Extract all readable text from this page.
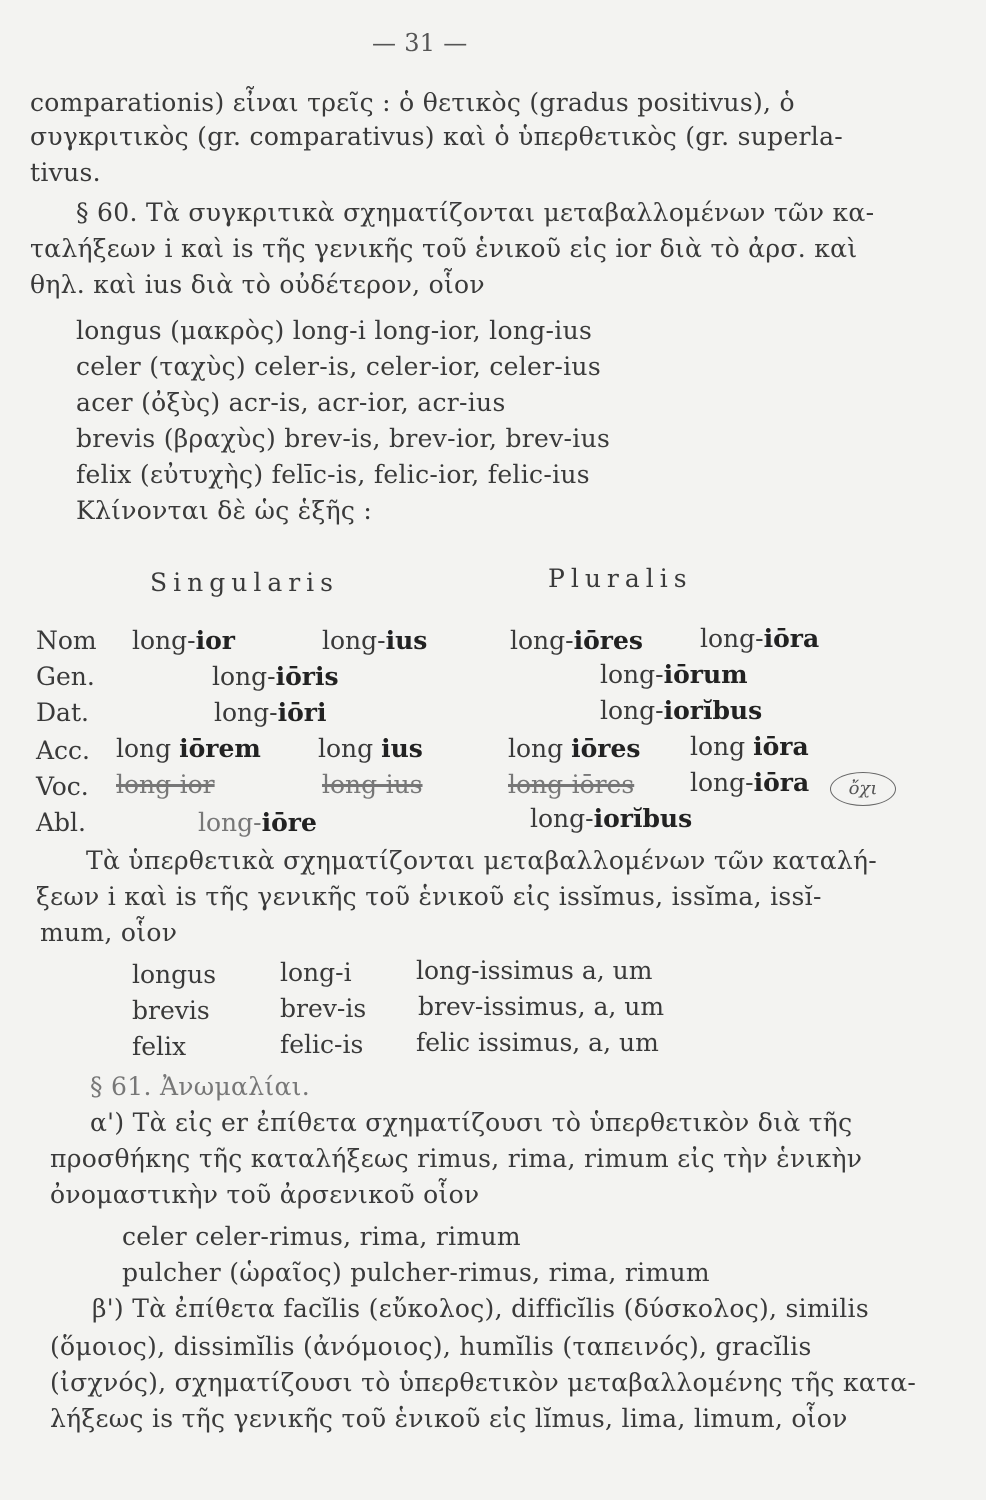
— 31 —
comparationis) εἶναι τρεῖς : ὁ θετικὸς (gradus positivus), ὁ
συγκριτικὸς (gr. comparativus) καὶ ὁ ὑπερθετικὸς (gr. superla-
tivus.
§ 60. Τὰ συγκριτικὰ σχηματίζονται μεταβαλλομένων τῶν κα-
ταλήξεων i καὶ is τῆς γενικῆς τοῦ ἑνικοῦ εἰς ior διὰ τὸ ἀρσ. καὶ
θηλ. καὶ ius διὰ τὸ οὐδέτερον, οἷον
longus (μακρὸς) long-i long-ior, long-ius
celer (ταχὺς) celer-is, celer-ior, celer-ius
acer (ὀξὺς) acr-is, acr-ior, acr-ius
brevis (βραχὺς) brev-is, brev-ior, brev-ius
felix (εὐτυχὴς) felīc-is, felic-ior, felic-ius
Κλίνονται δὲ ὡς ἑξῆς :
Singularis	Pluralis
Nom long-ior	long-ius	long-iōres long-iōra
Gen.	long-iōris	long-iōrum
Dat.	long-iōri	long-iorĭbus
Acc. long iōrem long ius	long iōres long iōra
Voc. long-ior	long-ius	long-iōres long-iōra	ὄχι
Abl.	long-iōre	long-iorĭbus
Τὰ ὑπερθετικὰ σχηματίζονται μεταβαλλομένων τῶν καταλή-
ξεων i καὶ is τῆς γενικῆς τοῦ ἑνικοῦ εἰς issĭmus, issĭma, issĭ-
mum, οἷον
longus	long-i	long-issimus a, um
brevis	brev-is brev-issimus, a, um
felix	felic-is felic issimus, a, um
§ 61. Ἀνωμαλίαι.
α') Τὰ εἰς er ἐπίθετα σχηματίζουσι τὸ ὑπερθετικὸν διὰ τῆς
προσθήκης τῆς καταλήξεως rimus, rima, rimum εἰς τὴν ἑνικὴν
ὀνομαστικὴν τοῦ ἀρσενικοῦ οἷον
celer celer-rimus, rima, rimum
pulcher (ὡραῖος) pulcher-rimus, rima, rimum
β') Τὰ ἐπίθετα facĭlis (εὔκολος), difficĭlis (δύσκολος), similis
(ὅμοιος), dissimĭlis (ἀνόμοιος), humĭlis (ταπεινός), gracĭlis
(ἰσχνός), σχηματίζουσι τὸ ὑπερθετικὸν μεταβαλλομένης τῆς κατα-
λήξεως is τῆς γενικῆς τοῦ ἑνικοῦ εἰς lĭmus, lima, limum, οἷον
